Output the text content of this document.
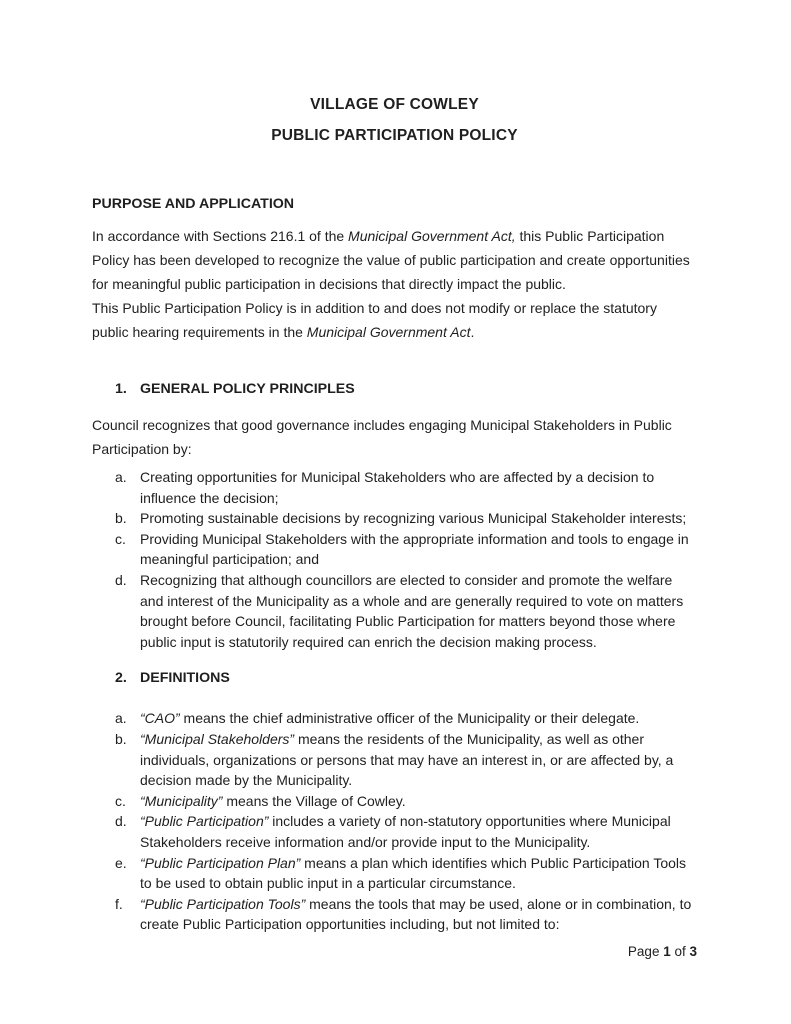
VILLAGE OF COWLEY
PUBLIC PARTICIPATION POLICY
PURPOSE AND APPLICATION

In accordance with Sections 216.1 of the Municipal Government Act, this Public Participation Policy has been developed to recognize the value of public participation and create opportunities for meaningful public participation in decisions that directly impact the public.

This Public Participation Policy is in addition to and does not modify or replace the statutory public hearing requirements in the Municipal Government Act.

1. GENERAL POLICY PRINCIPLES

Council recognizes that good governance includes engaging Municipal Stakeholders in Public Participation by:

a. Creating opportunities for Municipal Stakeholders who are affected by a decision to influence the decision;
b. Promoting sustainable decisions by recognizing various Municipal Stakeholder interests;
c.	Providing Municipal Stakeholders with the appropriate information and tools to engage in meaningful participation; and
d. Recognizing that although councillors are elected to consider and promote the welfare and interest of the Municipality as a whole and are generally required to vote on matters brought before Council, facilitating Public Participation for matters beyond those where public input is statutorily required can enrich the decision making process.
2. DEFINITIONS
a. “CAO” means the chief administrative officer of the Municipality or their delegate.
b. “Municipal Stakeholders” means the residents of the Municipality, as well as other individuals, organizations or persons that may have an interest in, or are affected by, a decision made by the Municipality.
c.	“Municipality” means the Village of Cowley.
d. “Public Participation” includes a variety of non-statutory opportunities where Municipal Stakeholders receive information and/or provide input to the Municipality.
e. “Public Participation Plan” means a plan which identifies which Public Participation Tools to be used to obtain public input in a particular circumstance.
f.	“Public Participation Tools” means the tools that may be used, alone or in combination, to create Public Participation opportunities including, but not limited to:
Page 1 of 3
